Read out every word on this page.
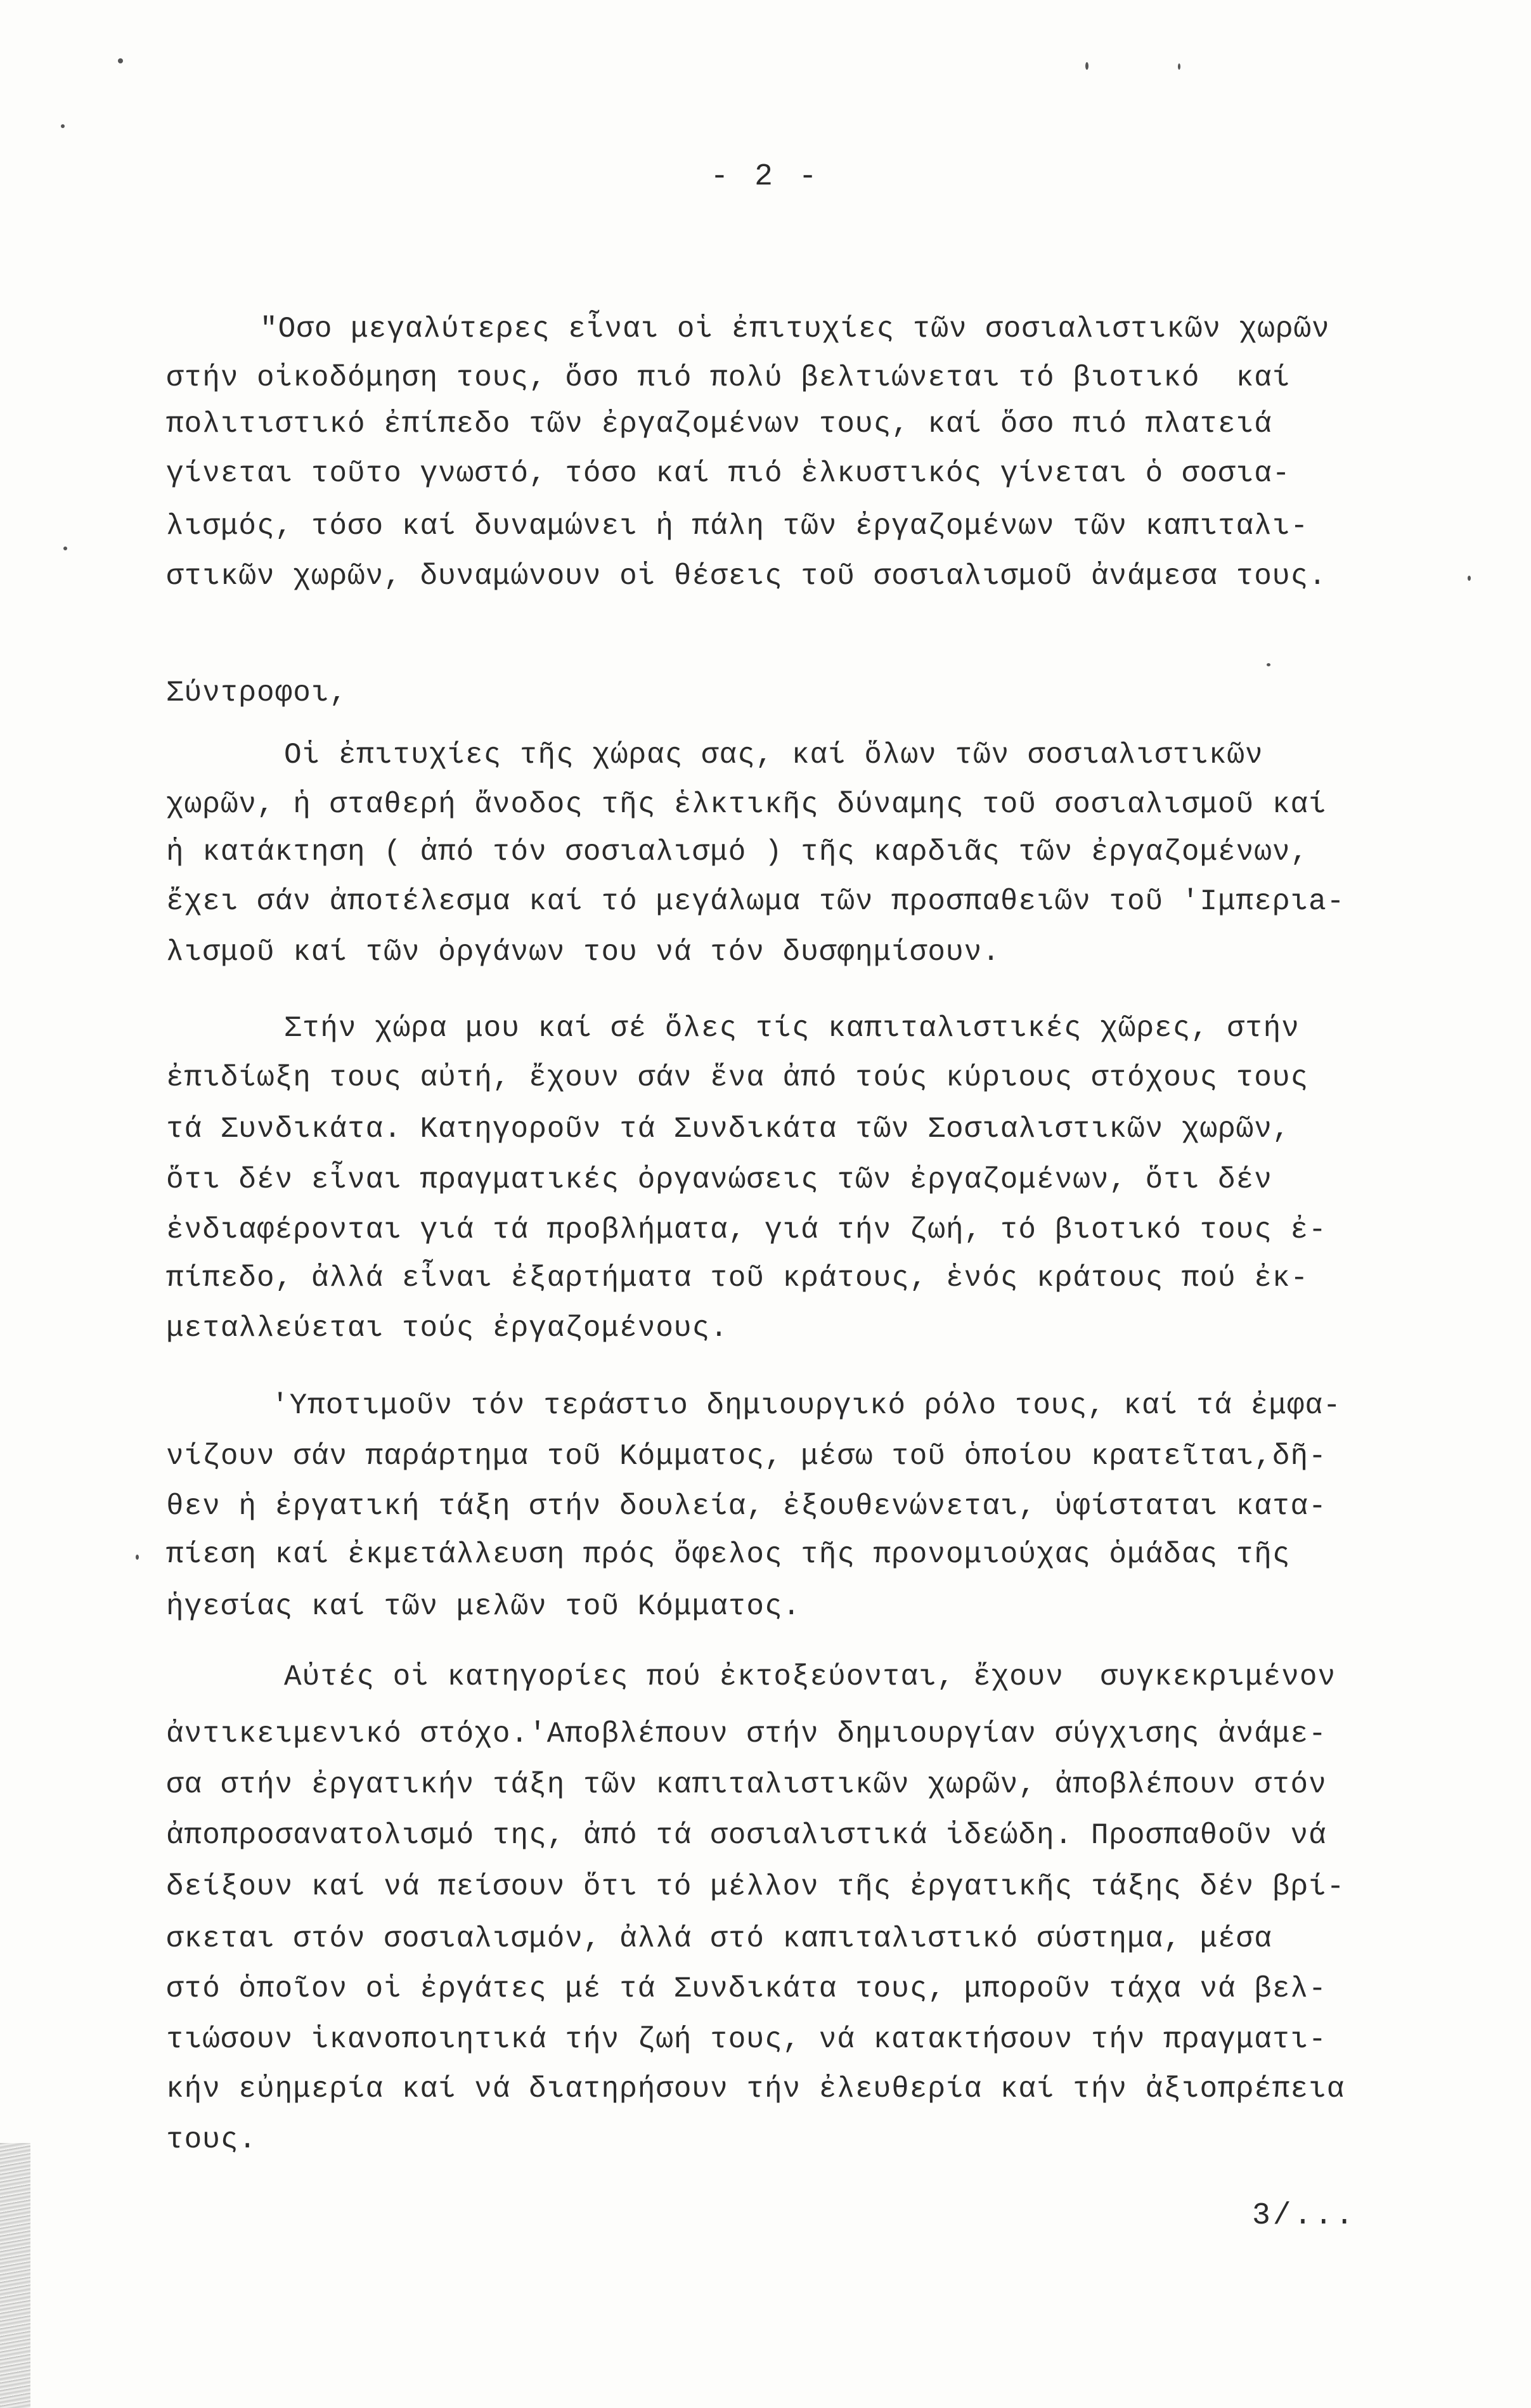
- 2 -
"Οσο μεγαλύτερες εἶναι οἱ ἐπιτυχίες τῶν σοσιαλιστικῶν χωρῶν
στήν οἰκοδόμηση τους, ὅσο πιό πολύ βελτιώνεται τό βιοτικό  καί
πολιτιστικό ἐπίπεδο τῶν ἐργαζομένων τους, καί ὅσο πιό πλατειά
γίνεται τοῦτο γνωστό, τόσο καί πιό ἑλκυστικός γίνεται ὁ σοσια-
λισμός, τόσο καί δυναμώνει ἡ πάλη τῶν ἐργαζομένων τῶν καπιταλι-
στικῶν χωρῶν, δυναμώνουν οἱ θέσεις τοῦ σοσιαλισμοῦ ἀνάμεσα τους.
Σύντροφοι,
Οἱ ἐπιτυχίες τῆς χώρας σας, καί ὅλων τῶν σοσιαλιστικῶν
χωρῶν, ἡ σταθερή ἄνοδος τῆς ἑλκτικῆς δύναμης τοῦ σοσιαλισμοῦ καί
ἡ κατάκτηση ( ἀπό τόν σοσιαλισμό ) τῆς καρδιᾶς τῶν ἐργαζομένων,
ἔχει σάν ἀποτέλεσμα καί τό μεγάλωμα τῶν προσπαθειῶν τοῦ 'Ιμπεριa-
λισμοῦ καί τῶν ὀργάνων του νά τόν δυσφημίσουν.
Στήν χώρα μου καί σέ ὅλες τίς καπιταλιστικές χῶρες, στήν
ἐπιδίωξη τους αὐτή, ἔχουν σάν ἕνα ἀπό τούς κύριους στόχους τους
τά Συνδικάτα. Κατηγοροῦν τά Συνδικάτα τῶν Σοσιαλιστικῶν χωρῶν,
ὅτι δέν εἶναι πραγματικές ὀργανώσεις τῶν ἐργαζομένων, ὅτι δέν
ἐνδιαφέρονται γιά τά προβλήματα, γιά τήν ζωή, τό βιοτικό τους ἐ-
πίπεδο, ἀλλά εἶναι ἐξαρτήματα τοῦ κράτους, ἑνός κράτους πού ἐκ-
μεταλλεύεται τούς ἐργαζομένους.
'Υποτιμοῦν τόν τεράστιο δημιουργικό ρόλο τους, καί τά ἐμφα-
νίζουν σάν παράρτημα τοῦ Κόμματος, μέσω τοῦ ὁποίου κρατεῖται,δῆ-
θεν ἡ ἐργατική τάξη στήν δουλεία, ἐξουθενώνεται, ὑφίσταται κατα-
πίεση καί ἐκμετάλλευση πρός ὄφελος τῆς προνομιούχας ὁμάδας τῆς
ἡγεσίας καί τῶν μελῶν τοῦ Κόμματος.
Αὐτές οἱ κατηγορίες πού ἐκτοξεύονται, ἔχουν  συγκεκριμένον
ἀντικειμενικό στόχο.'Αποβλέπουν στήν δημιουργίαν σύγχισης ἀνάμε-
σα στήν ἐργατικήν τάξη τῶν καπιταλιστικῶν χωρῶν, ἀποβλέπουν στόν
ἀποπροσανατολισμό της, ἀπό τά σοσιαλιστικά ἰδεώδη. Προσπαθοῦν νά
δείξουν καί νά πείσουν ὅτι τό μέλλον τῆς ἐργατικῆς τάξης δέν βρί-
σκεται στόν σοσιαλισμόν, ἀλλά στό καπιταλιστικό σύστημα, μέσα
στό ὁποῖον οἱ ἐργάτες μέ τά Συνδικάτα τους, μποροῦν τάχα νά βελ-
τιώσουν ἱκανοποιητικά τήν ζωή τους, νά κατακτήσουν τήν πραγματι-
κήν εὐημερία καί νά διατηρήσουν τήν ἐλευθερία καί τήν ἀξιοπρέπεια
τους.
3/...
